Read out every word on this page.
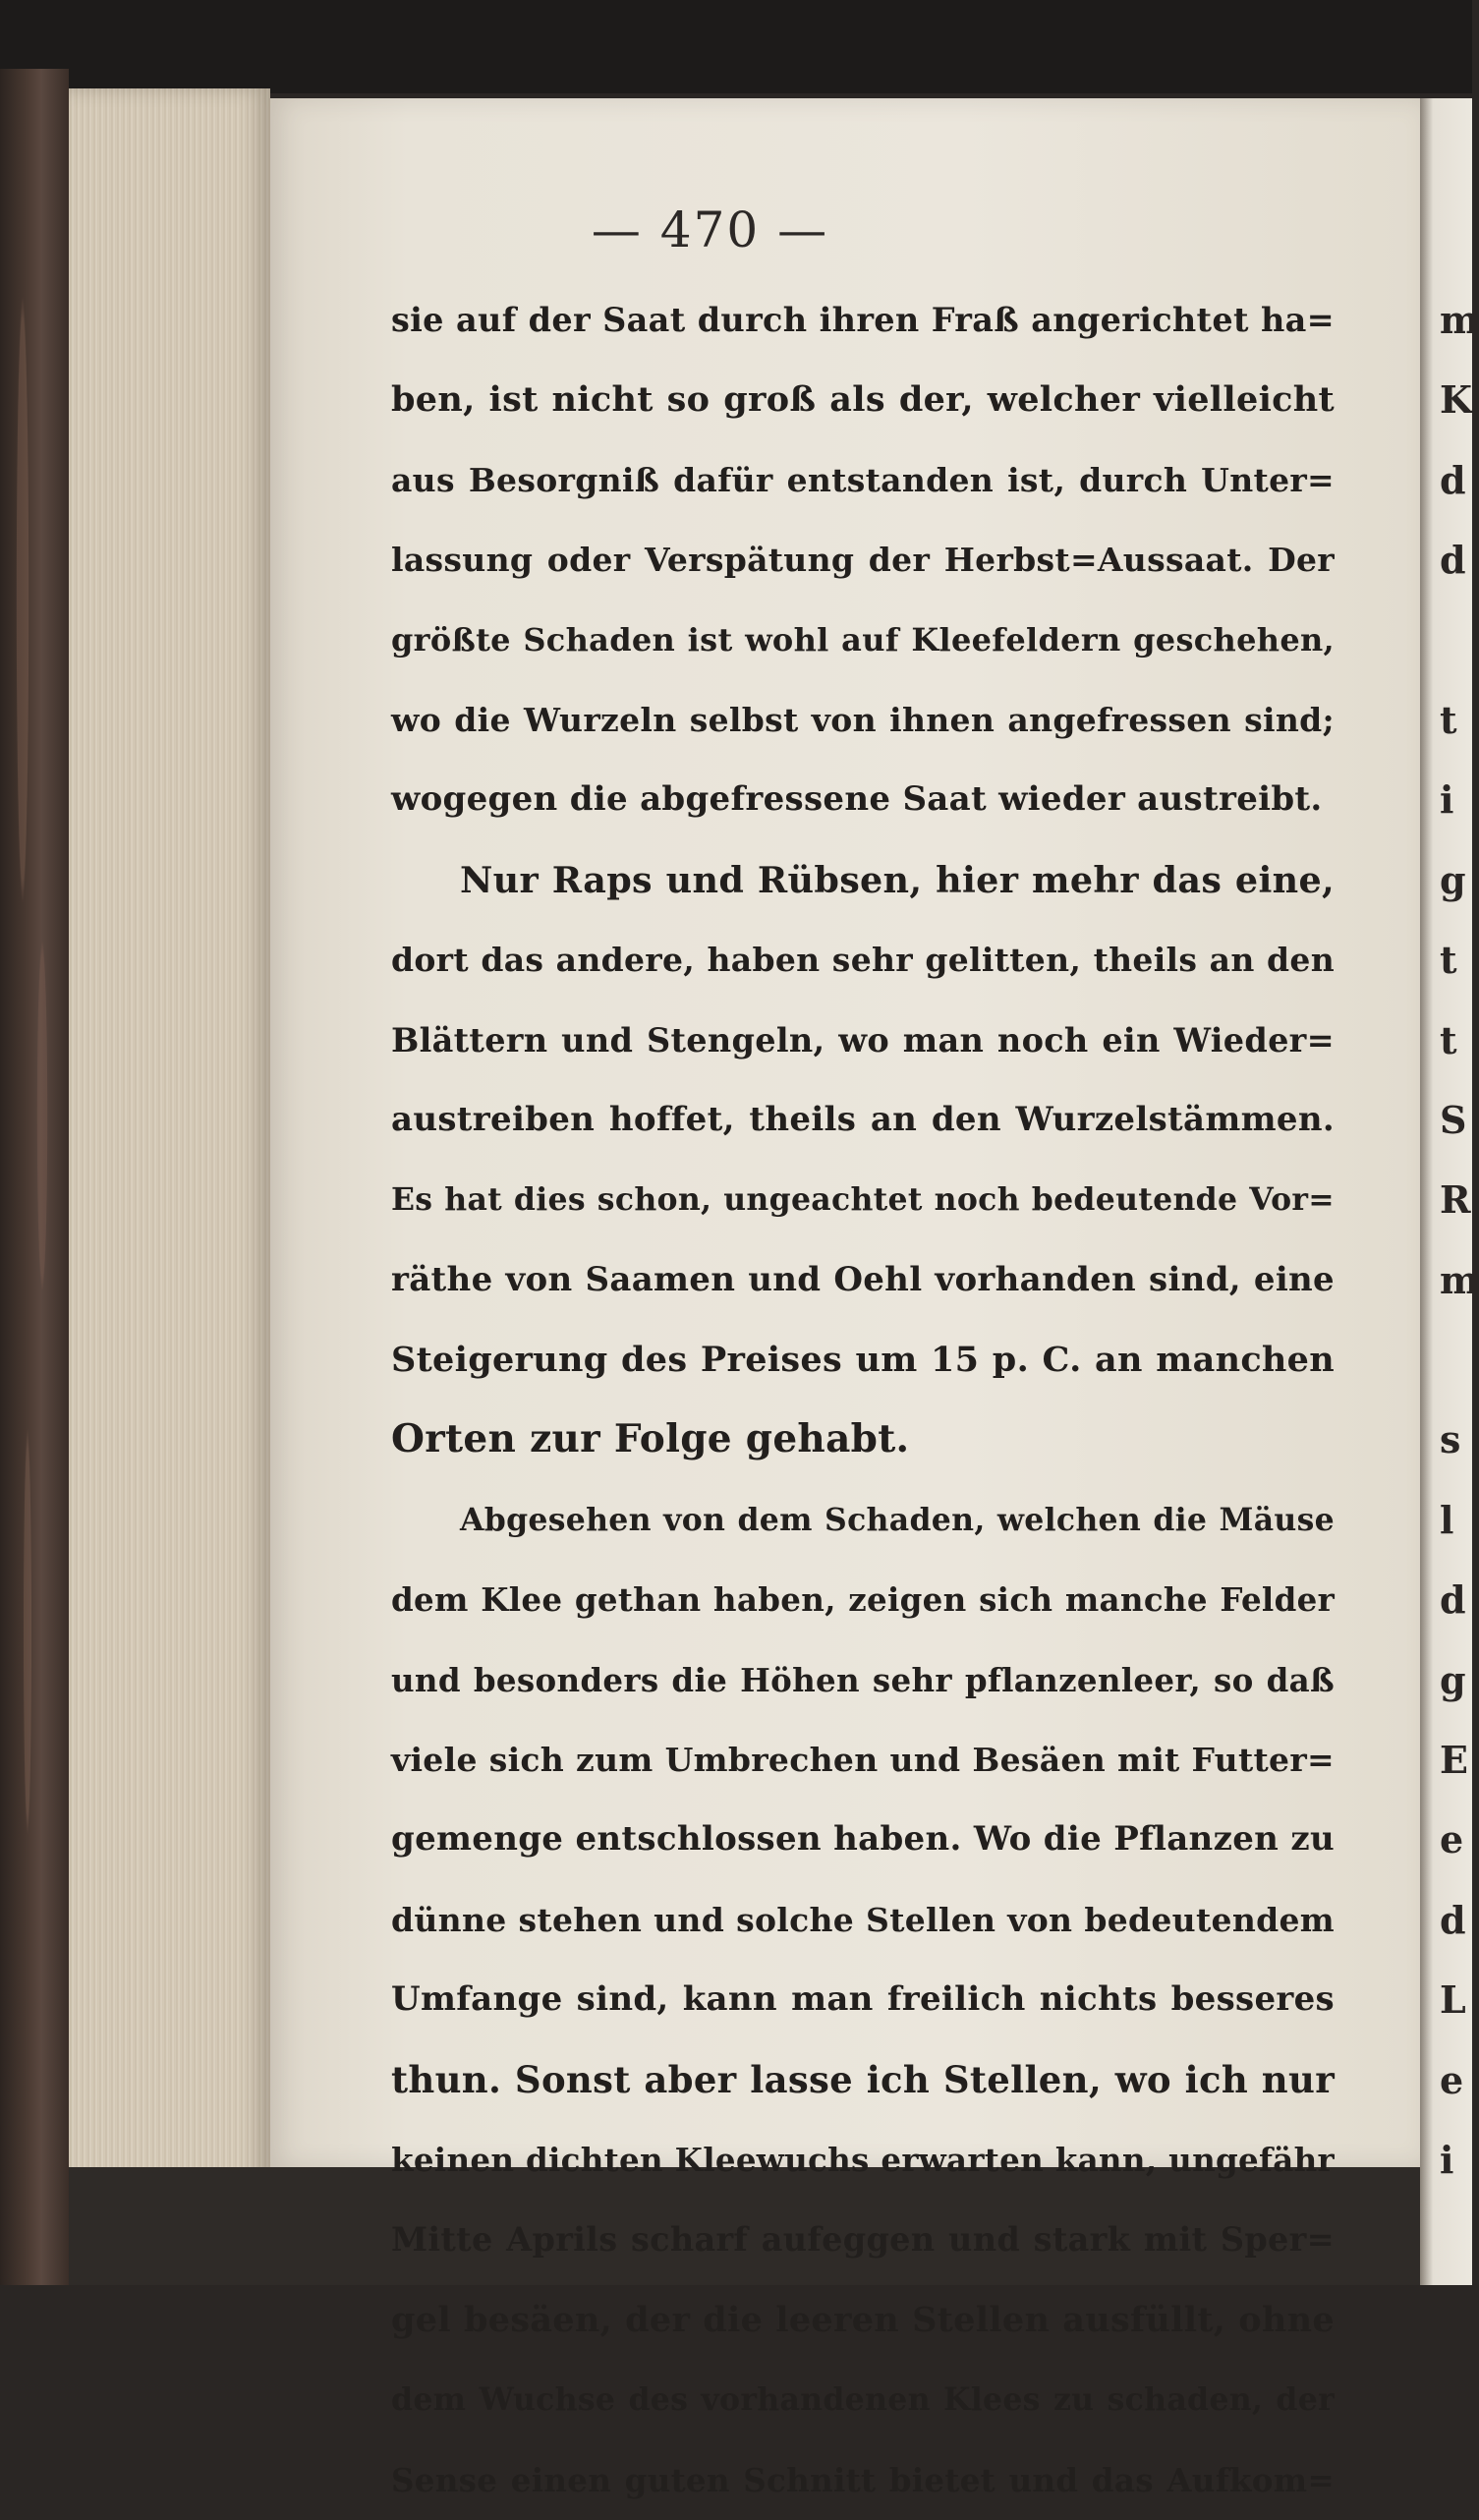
— 470 —
sie auf der Saat durch ihren Fraß angerichtet ha=
ben, ist nicht so groß als der, welcher vielleicht
aus Besorgniß dafür entstanden ist, durch Unter=
lassung oder Verspätung der Herbst=Aussaat. Der
größte Schaden ist wohl auf Kleefeldern geschehen,
wo die Wurzeln selbst von ihnen angefressen sind;
wogegen die abgefressene Saat wieder austreibt.
Nur Raps und Rübsen, hier mehr das eine,
dort das andere, haben sehr gelitten, theils an den
Blättern und Stengeln, wo man noch ein Wieder=
austreiben hoffet, theils an den Wurzelstämmen.
Es hat dies schon, ungeachtet noch bedeutende Vor=
räthe von Saamen und Oehl vorhanden sind, eine
Steigerung des Preises um 15 p. C. an manchen
Orten zur Folge gehabt.
Abgesehen von dem Schaden, welchen die Mäuse
dem Klee gethan haben, zeigen sich manche Felder
und besonders die Höhen sehr pflanzenleer, so daß
viele sich zum Umbrechen und Besäen mit Futter=
gemenge entschlossen haben. Wo die Pflanzen zu
dünne stehen und solche Stellen von bedeutendem
Umfange sind, kann man freilich nichts besseres
thun. Sonst aber lasse ich Stellen, wo ich nur
keinen dichten Kleewuchs erwarten kann, ungefähr
Mitte Aprils scharf aufeggen und stark mit Sper=
gel besäen, der die leeren Stellen ausfüllt, ohne
dem Wuchse des vorhandenen Klees zu schaden, der
Sense einen guten Schnitt bietet und das Aufkom=
m
K
d
d
t
i
g
t
t
S
R
m
s
l
d
g
E
e
d
L
e
i
